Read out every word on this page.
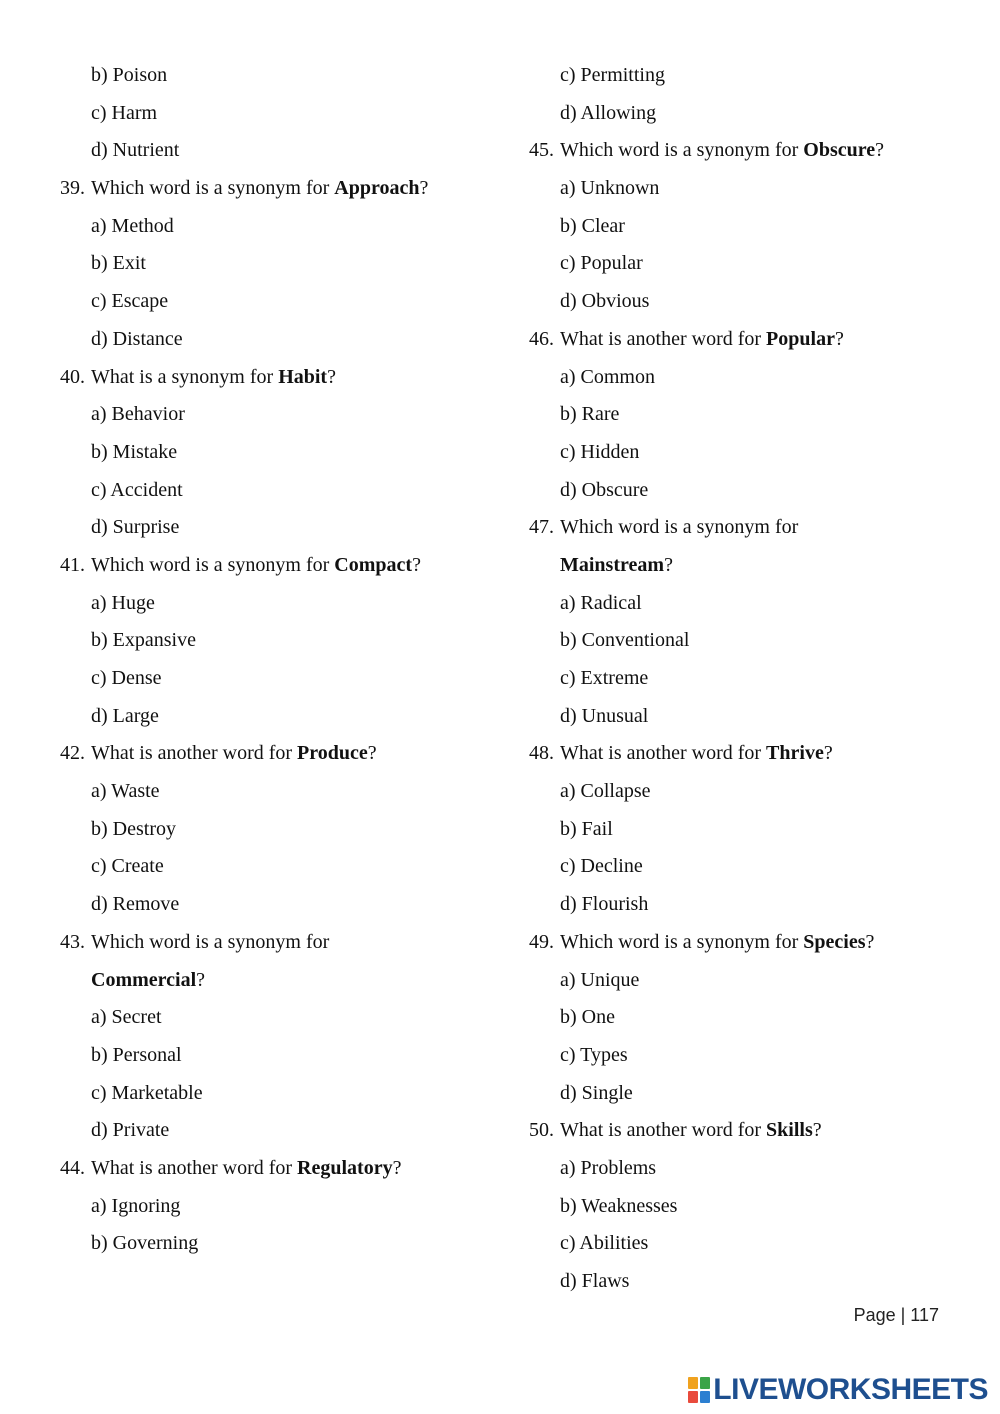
b) Poison
c) Harm
d) Nutrient
39. Which word is a synonym for Approach?
a) Method
b) Exit
c) Escape
d) Distance
40. What is a synonym for Habit?
a) Behavior
b) Mistake
c) Accident
d) Surprise
41. Which word is a synonym for Compact?
a) Huge
b) Expansive
c) Dense
d) Large
42. What is another word for Produce?
a) Waste
b) Destroy
c) Create
d) Remove
43. Which word is a synonym for
Commercial?
a) Secret
b) Personal
c) Marketable
d) Private
44. What is another word for Regulatory?
a) Ignoring
b) Governing
c) Permitting
d) Allowing
45. Which word is a synonym for Obscure?
a) Unknown
b) Clear
c) Popular
d) Obvious
46. What is another word for Popular?
a) Common
b) Rare
c) Hidden
d) Obscure
47. Which word is a synonym for
Mainstream?
a) Radical
b) Conventional
c) Extreme
d) Unusual
48. What is another word for Thrive?
a) Collapse
b) Fail
c) Decline
d) Flourish
49. Which word is a synonym for Species?
a) Unique
b) One
c) Types
d) Single
50. What is another word for Skills?
a) Problems
b) Weaknesses
c) Abilities
d) Flaws
Page | 117
LIVEWORKSHEETS
